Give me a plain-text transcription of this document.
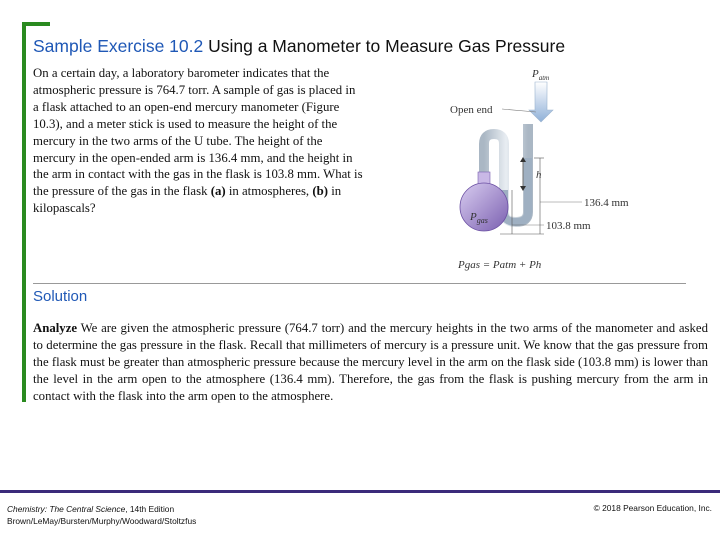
Sample Exercise 10.2 Using a Manometer to Measure Gas Pressure
On a certain day, a laboratory barometer indicates that the atmospheric pressure is 764.7 torr. A sample of gas is placed in a flask attached to an open-end mercury manometer (Figure 10.3), and a meter stick is used to measure the height of the mercury in the two arms of the U tube. The height of the mercury in the open-ended arm is 136.4 mm, and the height in the arm in contact with the gas in the flask is 103.8 mm. What is the pressure of the gas in the flask (a) in atmospheres, (b) in kilopascals?
$P_{atm}$
Open end
$P_{gas}$
h
136.4 mm
103.8 mm
Pgas = Patm + Ph
Solution
Analyze We are given the atmospheric pressure (764.7 torr) and the mercury heights in the two arms of the manometer and asked to determine the gas pressure in the flask. Recall that millimeters of mercury is a pressure unit. We know that the gas pressure from the flask must be greater than atmospheric pressure because the mercury level in the arm on the flask side (103.8 mm) is lower than the level in the arm open to the atmosphere (136.4 mm). Therefore, the gas from the flask is pushing mercury from the arm in contact with the flask into the arm open to the atmosphere.
Chemistry: The Central Science, 14th Edition
Brown/LeMay/Bursten/Murphy/Woodward/Stoltzfus
© 2018 Pearson Education, Inc.
